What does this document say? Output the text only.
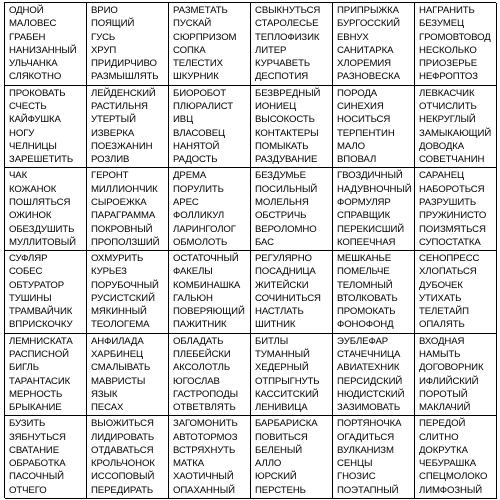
ОДНОЙ
МАЛОВЕС
ГРАБЕН
НАНИЗАННЫЙ
УЛЬЧАНКА
СЛЯКОТНО
ВРИО
ПОЯЩИЙ
ГУСЬ
ХРУП
ПРИДИРЧИВО
РАЗМЫШЛЯТЬ
РАЗМЕТАТЬ
ПУСКАЙ
СЮРПРИЗОМ
СОПКА
ТЕЛЕСТИХ
ШКУРНИК
СВЫКНУТЬСЯ
СТАРОЛЕСЬЕ
ТЕПЛОФИЗИК
ЛИТЕР
КУРЧАВЕТЬ
ДЕСПОТИЯ
ПРИПРЫЖКА
БУРГОССКИЙ
ЕВНУХ
САНИТАРКА
ХЛОРЕМИЯ
РАЗНОВЕСКА
НАГРАНИТЬ
БЕЗУМЕЦ
ГРОМОВТОВОД
НЕСКОЛЬКО
ПРИОЗЕРЬЕ
НЕФРОПТОЗ
ПРОКОВАТЬ
СЧЕСТЬ
КАЙФУШКА
НОГУ
ЧЕЛНИЦЫ
ЗАРЕШЕТИТЬ
ЛЕЙДЕНСКИЙ
РАСТИЛЬНЯ
УТЕРТЫЙ
ИЗВЕРКА
ПОЕЗЖАНИН
РОЗЛИВ
БИОРОБОТ
ПЛЮРАЛИСТ
ИВЦ
ВЛАСОВЕЦ
НАНЯТОЙ
РАДОСТЬ
БЕЗВРЕДНЫЙ
ИОНИЕЦ
ВЫСОКОСТЬ
КОНТАКТЕРЫ
ПОМЫКАТЬ
РАЗДУВАНИЕ
ПОРОДА
СИНЕХИЯ
НОСИТЬСЯ
ТЕРПЕНТИН
МАЛО
ВПОВАЛ
ЛЕВКАСЧИК
ОТЧИСЛИТЬ
НЕКРУГЛЫЙ
ЗАМЫКАЮЩИЙ
ДОВОДКА
СОВЕТЧАНИН
ЧАК
КОЖАНОК
ПОШЛЯТЬСЯ
ОЖИНОК
ОБЕЗДУШИТЬ
МУЛЛИТОВЫЙ
ГЕРОНТ
МИЛЛИОНЧИК
СЫРОЕЖКА
ПАРАГРАММА
ПОКРОВНЫЙ
ПРОПОЛЗШИЙ
ДРЕМА
ПОРУЛИТЬ
АРЕС
ФОЛЛИКУЛ
ЛАРИНГОЛОГ
ОБМОЛОТЬ
БЕЗДУМЬЕ
ПОСИЛЬНЫЙ
МОЛЕЛЬНЯ
ОБСТРИЧЬ
ВЕРОЛОМНО
БАС
ГВОЗДИЧНЫЙ
НАДУВНОЧНЫЙ
ФОРМУЛЯР
СПРАВЩИК
ПЕРЕКИСШИЙ
КОПЕЕЧНАЯ
САРАНЕЦ
НАБОРОТЬСЯ
РАЗРУШИТЬ
ПРУЖИНИСТО
ПОИЗМЯТЬСЯ
СУПОСТАТКА
СУФЛЯР
СОБЕС
ОБТУРАТОР
ТУШИНЫ
ТРАМВАЙЧИК
ВПРИСКОЧКУ
ОХМУРИТЬ
КУРЬЕЗ
ПОРУБОЧНЫЙ
РУСИСТСКИЙ
МЯКИННЫЙ
ТЕОЛОГЕМА
ОСТАТОЧНЫЙ
ФАКЕЛЫ
КОМБИНАШКА
ГАЛЬЮН
ПОВЕРЯЮЩИЙ
ПАЖИТНИК
РЕГУЛЯРНО
ПОСАДНИЦА
ЖИТЕЙСКИ
СОЧИНИТЬСЯ
НАСТЛАТЬ
ШИТНИК
МЕШКАНЬЕ
ПОМЕЛЬЧЕ
ТЕЛОМНЫЙ
ВТОЛКОВАТЬ
ПРОМОКАТЬ
ФОНОФОНД
СЕНОПРЕСС
ХЛОПАТЬСЯ
ДУБОЧЕК
УТИХАТЬ
ТЕЛЕТАЙП
ОПАЛЯТЬ
ЛЕМНИСКАТА
РАСПИСНОЙ
БИГЛЬ
ТАРАНТАСИК
МЕРНОСТЬ
БРЫКАНИЕ
АНФИЛАДА
ХАРБИНЕЦ
СМАЛЫВАТЬ
МАВРИСТЫ
ЯЗЫК
ПЕСАХ
ОБЛАДАТЬ
ПЛЕБЕЙСКИ
АКСОЛОТЛЬ
ЮГОСЛАВ
ГАСТРОПОДЫ
ОТВЕТВЛЯТЬ
БИТЛЫ
ТУМАННЫЙ
ХЕДЕРНЫЙ
ОТПРЫГНУТЬ
КАССИТСКИЙ
ЛЕНИВИЦА
ЭУБЛЕФАР
СТАЧЕЧНИЦА
АВИАТЕХНИК
ПЕРСИДСКИЙ
НЮДИСТСКИЙ
ЗАЗИМОВАТЬ
ВХОДНАЯ
НАМЫТЬ
ДОГОВОРНИК
ИФЛИЙСКИЙ
ПОРОТЫЙ
МАКЛАЧИЙ
БУЗИТЬ
ЗЯБНУТЬСЯ
СВАТАНИЕ
ОБРАБОТКА
ПАСОЧНЫЙ
ОТЧЕГО
ВЫОЖИТЬСЯ
ЛИДИРОВАТЬ
ОТДАВАТЬСЯ
КРОЛЬЧОНОК
ИССОПОВЫЙ
ПЕРЕДИРАТЬ
ЗАГОМОНИТЬ
АВТОТОРМОЗ
ВСТРЯХНУТЬ
МАТКА
ХАОТИЧНЫЙ
ОПАХАННЫЙ
БАРБАРИСКА
ПОВИТЬСЯ
БЕЛЕНЫЙ
АЛЛО
ЮРСКИЙ
ПЕРСТЕНЬ
ПОРТЯНОЧКА
ОГАДИТЬСЯ
ВУЛКАНИЗМ
СЕНЦЫ
ГНОЗИС
ПОЭТАПНЫЙ
ПЕРЕДОЙ
СЛИТНО
ДОКРУТКА
ЧЕБУРАШКА
СПЕЦМОЛОКО
ЛИМФОЗНЫЙ
